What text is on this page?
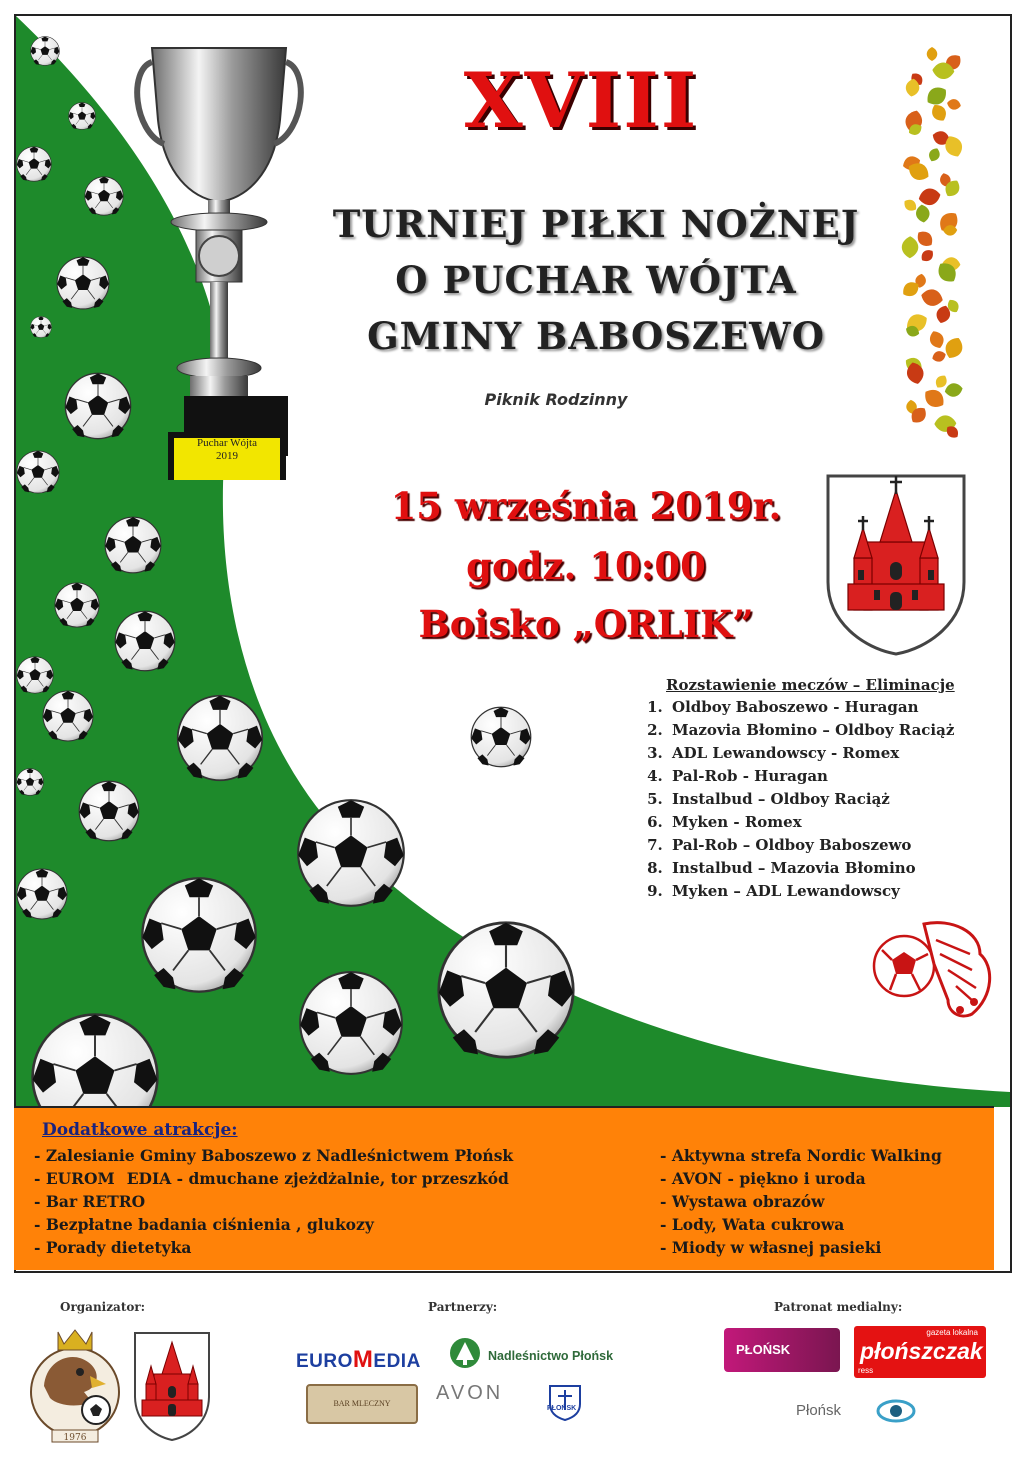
Puchar Wójta
2019
XVIII
TURNIEJ PIŁKI NOŻNEJ
O PUCHAR WÓJTA
GMINY BABOSZEWO
Piknik Rodzinny
15 września 2019r.
godz. 10:00
Boisko „ORLIK”
Rozstawienie meczów – Eliminacje
1. Oldboy Baboszewo - Huragan
2. Mazovia Błomino – Oldboy Raciąż
3. ADL Lewandowscy - Romex
4. Pal-Rob - Huragan
5. Instalbud – Oldboy Raciąż
6. Myken - Romex
7. Pal-Rob – Oldboy Baboszewo
8. Instalbud – Mazovia Błomino
9. Myken – ADL Lewandowscy
Dodatkowe atrakcje:
- Zalesianie Gminy Baboszewo z Nadleśnictwem Płońsk
- EUROM EDIA - dmuchane zjeżdżalnie, tor przeszkód
- Bar RETRO
- Bezpłatne badania ciśnienia , glukozy
- Porady dietetyka
- Aktywna strefa Nordic Walking
- AVON - piękno i uroda
- Wystawa obrazów
- Lody, Wata cukrowa
- Miody w własnej pasieki
Organizator:	Partnerzy:	Patronat medialny:
1976
EUROMEDIA	Nadleśnictwo Płońsk
BAR MLECZNY	AVON
PŁOŃSK
PŁOŃSK
gazeta lokalna
płońszczak
ress
Płońsk
